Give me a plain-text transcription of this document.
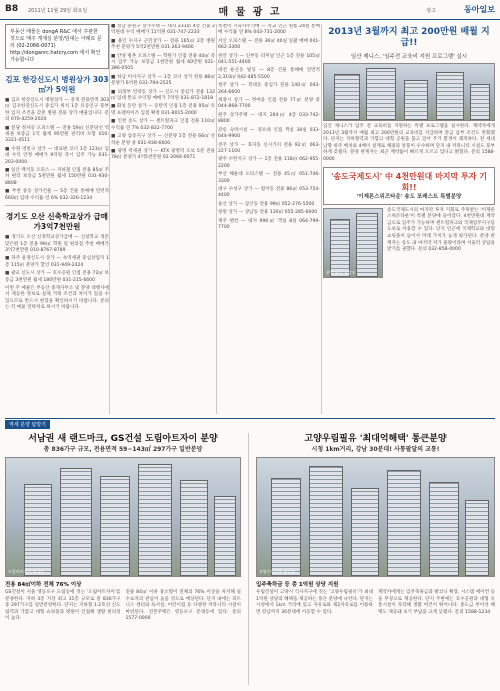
B8 2011년 11월 29일 화요일	매 물 광 고	광고	동아일보
부동산 매물은 dongA R&C 에서 주관한 것으로 매주 게재실 분양/임대는 아래로 문의 (02-2066-0071) http://donganrc.hatcry.com 에서 확인 가능합니다
김포 한강신도시 병원상가 303㎡가 5억원
■ 김포 한강신도시 병원상가 — 중개 전용면적 303㎡ 김포한강신도시 중심가 위치 1층 유동인구 풍부한 입지 조건을 갖춘 병원 전용 상가 매물입니다. 문의 070-4259-2020
■ 분당 정자동 오피스텔 — 전용 59㎡ 신분당선 역세권 보증금 1억 월세 95만원 관리비 포함 010-3321-4511
■ 수원 영통구 상가 — 대로변 코너 1층 123㎡ 임대 수익 안정 매매가 9억원 즉시 입주 가능 031-203-0000
■ 일산 백석동 오피스 — 지하철 인접 전용 85㎡ 주차 편리 보증금 5천만원 월세 150만원 031-930-8808
■ 부천 중동 상가건물 — 5층 건물 통매매 연면적 660㎡ 임대 수익률 연 6% 032-326-1234
경기도 오산 신축학교상가 급매가3억7천만원
■ 경기도 오산 신축학교상가급매 — 신설학교 정문 맞은편 1층 전용 99㎡ 학원 및 편의점 추천 매매가 3억7천만원 010-8767-8789
■ 파주 운정신도시 상가 — 초역세권 중심상업지 1층 115㎡ 분양가 할인 031-949-2424
■ 광교 신도시 상가 — 호수공원 인접 전용 72㎡ 보증금 3천만원 월세 180만원 031-215-6600
이번 주 매물은 부동산 중개사무소 및 분양 대행사에서 제공한 정보로 실제 거래 조건과 차이가 있을 수 있으므로 반드시 현장을 확인하시기 바랍니다. 문의는 각 매물 연락처로 하시기 바랍니다.
■ 성남 중원구 상가주택 — 대지 231㎡ 4층 건물 2억원대 수익 매매가 11억원 031-747-2233
■ 용인 수지구 근린상가 — 전용 165㎡ 2층 병원 추천 분양가 5억2천만원 031-263-9400
■ 안양 평촌 오피스텔 — 학원가 인접 전용 40㎡ 즉시 입주 가능 보증금 1천만원 월세 60만원 031-386-0505
■ 하남 미사지구 상가 — 1층 코너 상가 전용 88㎡ 분양가 6억원 031-794-2525
■ 의정부 민락동 상가 — 신도시 중심가 전용 132㎡ 임대 완료 수익형 매매가 7억원 031-872-1818
■ 화성 동탄 상가 — 동탄역 인접 1층 전용 95㎡ 유명 프랜차이즈 입점 확정 031-8015-2000
■ 인천 송도 상가 — 센트럴파크 인접 전용 110㎡ 수익률 연 7% 032-832-7700
■ 고양 삼송지구 상가 — 신분양 1층 전용 66㎡ 선착순 분양 중 031-938-6600
■ 광명 역세권 상가 — KTX 광명역 도보 5분 전용 78㎡ 분양가 4억5천만원 02-2066-0071
옥천역 기숙사주식매 — 학교 인근 원룸 24실 통매매 수익률 연 8% 043-731-2000
서산 오피스텔 — 전용 36㎡ 40실 일괄 매매 041-662-3300
천안 상가 — 신부동 터미널 인근 1층 전용 105㎡ 041-551-4400
대전 둔산동 빌딩 — 8층 건물 통매매 연면적 2,310㎡ 042-485-5500
청주 상가 — 복대동 중심가 전용 140㎡ 043-264-6600
세종시 상가 — 첫마을 인접 전용 77㎡ 분양 중 044-868-7700
원주 상가주택 — 대지 264㎡ 4층 033-742-8800
강릉 숙박시설 — 경포대 인접 객실 30실 033-644-9900
전주 상가 — 효자동 신시가지 전용 92㎡ 063-227-1100
광주 수완지구 상가 — 1층 전용 118㎡ 062-955-2200
부산 해운대 오피스텔 — 전용 45㎡ 051-746-3300
대구 수성구 상가 — 범어동 전용 86㎡ 053-754-4400
울산 상가 — 삼산동 전용 99㎡ 052-276-5500
창원 상가 — 상남동 전용 130㎡ 055-285-6600
제주 펜션 — 대지 990㎡ 객실 8실 064-799-7700
2013년 3월까지 최고 200만원 배월 지급!!
임산 제니스, '임주전 교육비 지원 프로그램' 실시
임산 제니스가 입주 전 교육비를 지원하는 특별 프로그램을 실시한다. 계약자에게 2013년 3월까지 매월 최고 200만원의 교육비를 지급하며 잔금 납부 조건도 완화했다. 단지는 지하철역과 가깝고 대형 공원을 품고 있어 주거 환경이 쾌적하다. 전 세대 남향 위주 배치와 4베이 설계로 채광과 통풍이 우수하며 단지 내 커뮤니티 시설도 풍부하게 갖췄다. 분양 관계자는 최근 계약률이 빠르게 오르고 있다고 밝혔다. 문의 1588-0000
'송도국제도시' 中 4천만원대 마지막 투자 기회!!
'이제른스위즈타운' 송도 포레스트 특별분양
분양 단지 조감도
송도국제도시의 마지막 투자 기회로 주목받는 '이제른스위즈타운'이 특별 분양에 들어갔다. 4천만원대 계약금으로 입주가 가능하며 센트럴파크와 국제업무지구를 도보로 이용할 수 있다. 단지 인근에 국제학교와 대형 쇼핑몰이 들어서 미래 가치가 높게 평가된다. 분양 관계자는 송도 내 마지막 저가 물량이라며 서둘러 상담을 받기를 권했다. 문의 032-858-0000
역세 분양 탐방기
서남권 새 랜드마크, GS건설 도림아트자이 분양
총 836가구 규모, 전용면적 59~143㎡ 297가구 일반분양
도림아트자이 조감도
전용 84㎡이하 전체 76% 이상
GS건설이 서울 영등포구 도림동에 짓는 '도림아트자이'를 분양한다. 지하 3층 지상 최고 31층 규모로 총 836가구 중 297가구를 일반분양한다. 단지는 지하철 1·2호선 신도림역과 가깝고 대형 쇼핑몰과 병원이 인접해 생활 편의성이 높다.
전용 84㎡ 이하 중소형이 전체의 76% 이상을 차지해 실수요자의 관심이 높을 것으로 예상된다. 단지 내에는 피트니스 센터와 독서실, 어린이집 등 다양한 커뮤니티 시설이 마련된다. 견본주택은 영등포구 문래동에 있다. 문의 1577-0000
고양우림필유 '최대억해택' 통큰분양
시청 1km거리, 강남 30분대! 사통팔달의 교통!
고양우림필유 조감도
입주축하금 등 총 1억원 상당 지원
우림건설이 고양시 식사지구에 짓는 '고양우림필유'가 최대 1억원 상당의 혜택을 제공하는 통큰 분양에 나선다. 단지는 시청에서 1km 거리에 있고 자유로와 제2자유로를 이용하면 강남까지 30분대에 이동할 수 있다.
계약자에게는 입주축하금과 발코니 확장, 시스템 에어컨 등을 무상으로 제공한다. 단지 주변에는 호수공원과 대형 유통시설이 자리해 생활 여건이 뛰어나다. 중도금 무이자 혜택도 제공돼 초기 부담을 크게 낮췄다. 문의 1588-1234
